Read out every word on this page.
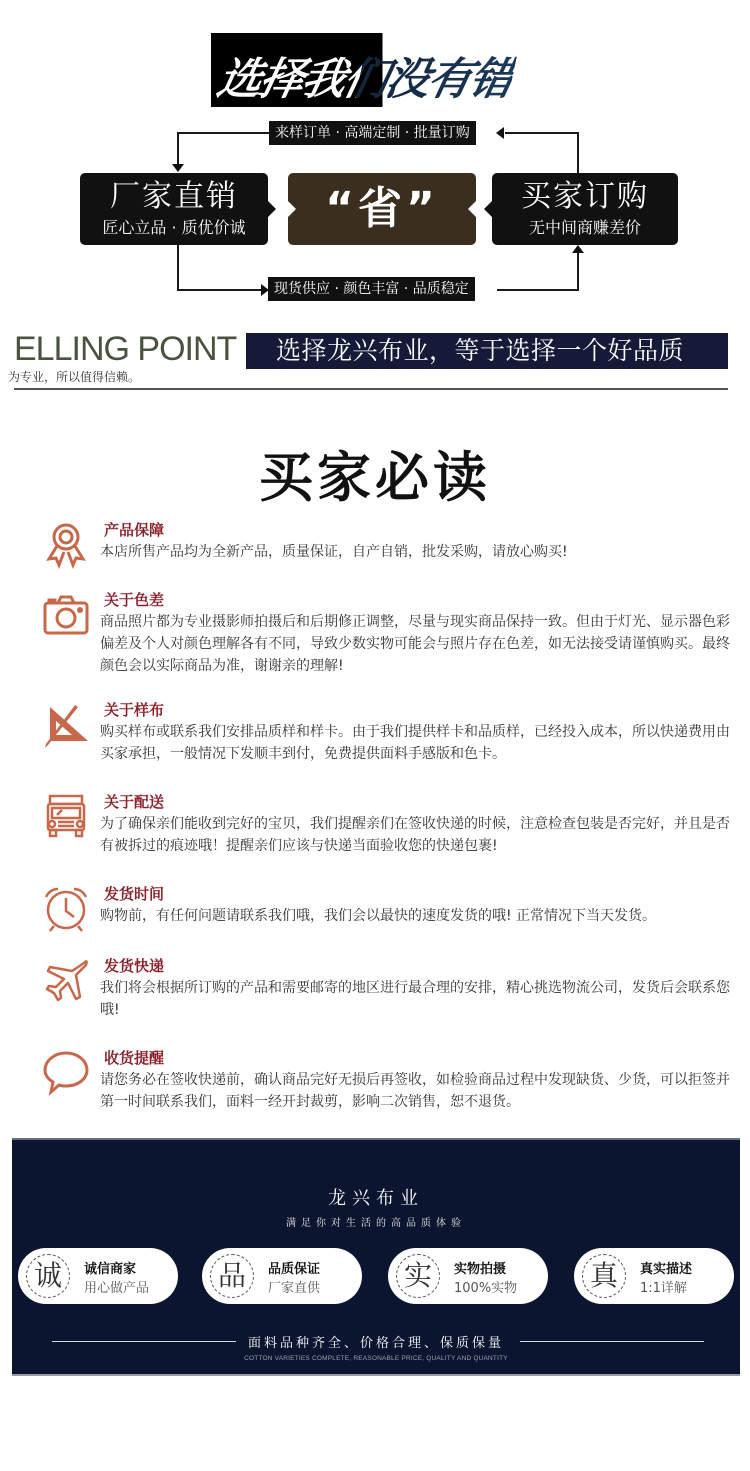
选择我们没有错
来样订单 · 高端定制 · 批量订购
现货供应 · 颜色丰富 · 品质稳定
厂家直销
匠心立品 · 质优价诚	“省”	买家订购
无中间商赚差价
ELLING POINT	选择龙兴布业，等于选择一个好品质
为专业，所以值得信赖。
买家必读
产品保障
本店所售产品均为全新产品，质量保证，自产自销，批发采购，请放心购买!
关于色差
商品照片都为专业摄影师拍摄后和后期修正调整，尽量与现实商品保持一致。但由于灯光、显示器色彩偏差及个人对颜色理解各有不同，导致少数实物可能会与照片存在色差，如无法接受请谨慎购买。最终颜色会以实际商品为准，谢谢亲的理解!
关于样布
购买样布或联系我们安排品质样和样卡。由于我们提供样卡和品质样，已经投入成本，所以快递费用由买家承担，一般情况下发顺丰到付，免费提供面料手感版和色卡。
关于配送
为了确保亲们能收到完好的宝贝，我们提醒亲们在签收快递的时候，注意检查包装是否完好，并且是否有被拆过的痕迹哦！提醒亲们应该与快递当面验收您的快递包裹!
发货时间
购物前，有任何问题请联系我们哦，我们会以最快的速度发货的哦! 正常情况下当天发货。
发货快递
我们将会根据所订购的产品和需要邮寄的地区进行最合理的安排，精心挑选物流公司，发货后会联系您哦!
收货提醒
请您务必在签收快递前，确认商品完好无损后再签收，如检验商品过程中发现缺货、少货，可以拒签并第一时间联系我们，面料一经开封裁剪，影响二次销售，恕不退货。
龙兴布业
满足你对生活的高品质体验
诚	诚信商家
用心做产品 品	品质保证
厂家直供	实	实物拍摄
100%实物	真	真实描述
1:1详解
面料品种齐全、价格合理、保质保量
COTTON VARIETIES COMPLETE, REASONABLE PRICE, QUALITY AND QUANTITY
